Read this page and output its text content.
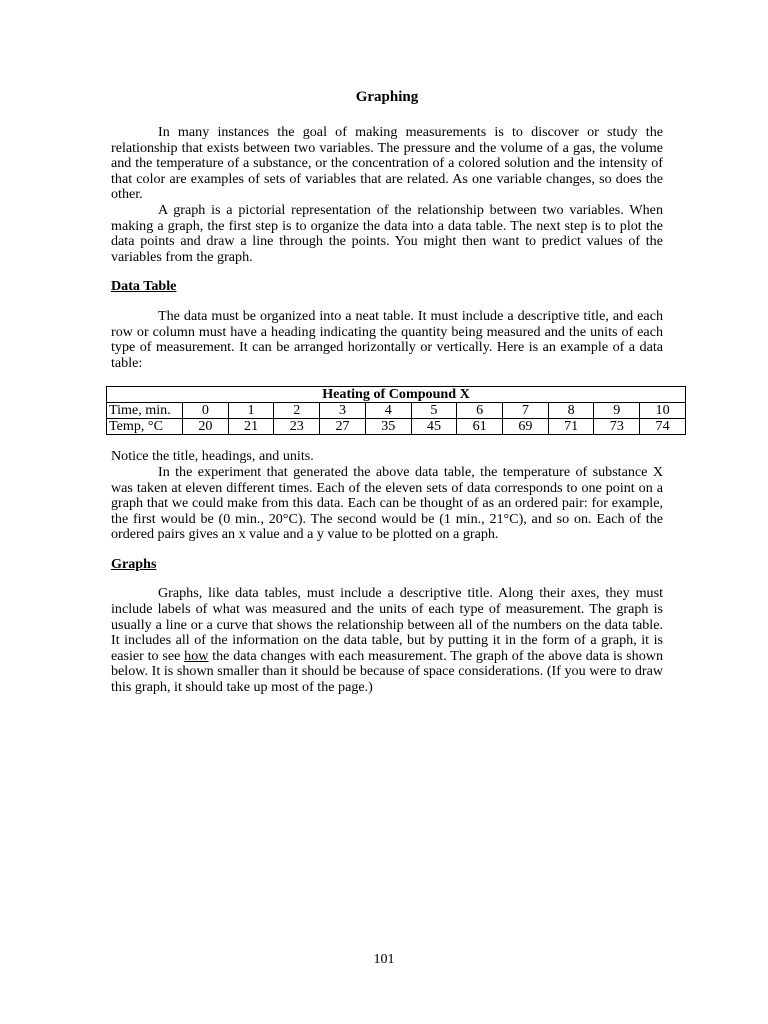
Graphing

In many instances the goal of making measurements is to discover or study the relationship that exists between two variables. The pressure and the volume of a gas, the volume and the temperature of a substance, or the concentration of a colored solution and the intensity of that color are examples of sets of variables that are related. As one variable changes, so does the other.

A graph is a pictorial representation of the relationship between two variables. When making a graph, the first step is to organize the data into a data table. The next step is to plot the data points and draw a line through the points. You might then want to predict values of the variables from the graph.

Data Table

The data must be organized into a neat table. It must include a descriptive title, and each row or column must have a heading indicating the quantity being measured and the units of each type of measurement. It can be arranged horizontally or vertically. Here is an example of a data table:

Heating of Compound X											
Time, min.	0	1	2	3	4	5	6	7	8	9	10
Temp, °C	20	21	23	27	35	45	61	69	71	73	74

Notice the title, headings, and units.

In the experiment that generated the above data table, the temperature of substance X was taken at eleven different times. Each of the eleven sets of data corresponds to one point on a graph that we could make from this data. Each can be thought of as an ordered pair: for example, the first would be (0 min., 20°C). The second would be (1 min., 21°C), and so on. Each of the ordered pairs gives an x value and a y value to be plotted on a graph.

Graphs

Graphs, like data tables, must include a descriptive title. Along their axes, they must include labels of what was measured and the units of each type of measurement. The graph is usually a line or a curve that shows the relationship between all of the numbers on the data table. It includes all of the information on the data table, but by putting it in the form of a graph, it is easier to see how the data changes with each measurement. The graph of the above data is shown below. It is shown smaller than it should be because of space considerations. (If you were to draw this graph, it should take up most of the page.)

101
